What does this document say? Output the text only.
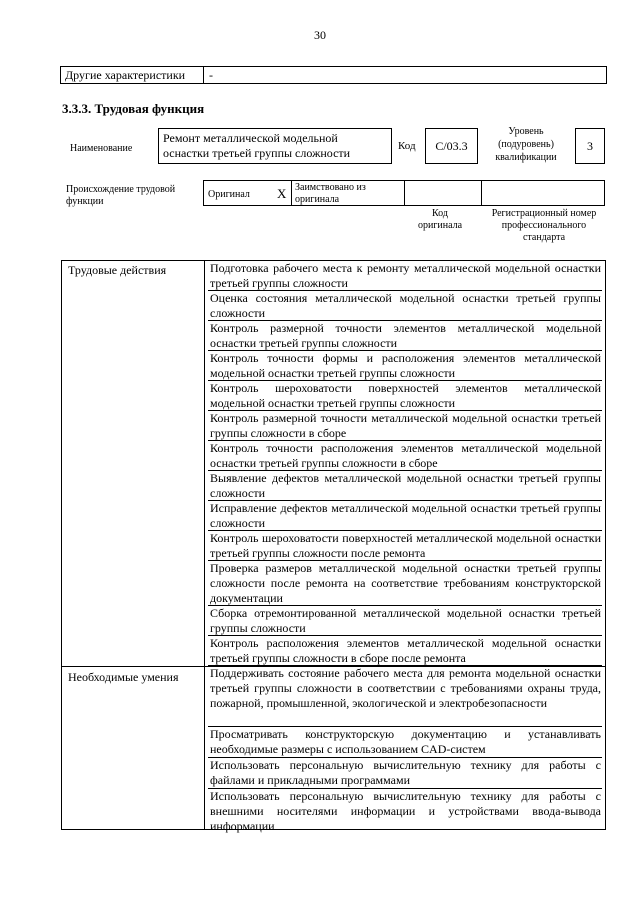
30
Другие характеристики -
3.3.3. Трудовая функция
Наименование
Ремонт металлической модельной оснастки третьей группы сложности	Код	C/03.3
Уровень (подуровень) квалификации
3
Происхождение трудовой функции
Оригинал X Заимствовано из оригинала
Код оригинала
Регистрационный номер профессионального стандарта
Трудовые действия
Необходимые умения
Подготовка рабочего места к ремонту металлической модельной оснастки третьей группы сложности
Оценка состояния металлической модельной оснастки третьей группы сложности
Контроль размерной точности элементов металлической модельной оснастки третьей группы сложности
Контроль точности формы и расположения элементов металлической модельной оснастки третьей группы сложности
Контроль шероховатости поверхностей элементов металлической модельной оснастки третьей группы сложности
Контроль размерной точности металлической модельной оснастки третьей группы сложности в сборе
Контроль точности расположения элементов металлической модельной оснастки третьей группы сложности в сборе
Выявление дефектов металлической модельной оснастки третьей группы сложности
Исправление дефектов металлической модельной оснастки третьей группы сложности
Контроль шероховатости поверхностей металлической модельной оснастки третьей группы сложности после ремонта
Проверка размеров металлической модельной оснастки третьей группы сложности после ремонта на соответствие требованиям конструкторской документации
Сборка отремонтированной металлической модельной оснастки третьей группы сложности
Контроль расположения элементов металлической модельной оснастки третьей группы сложности в сборе после ремонта
Поддерживать состояние рабочего места для ремонта модельной оснастки третьей группы сложности в соответствии с требованиями охраны труда, пожарной, промышленной, экологической и электробезопасности
Просматривать конструкторскую документацию и устанавливать необходимые размеры с использованием CAD-систем
Использовать персональную вычислительную технику для работы с файлами и прикладными программами
Использовать персональную вычислительную технику для работы с внешними носителями информации и устройствами ввода-вывода информации
